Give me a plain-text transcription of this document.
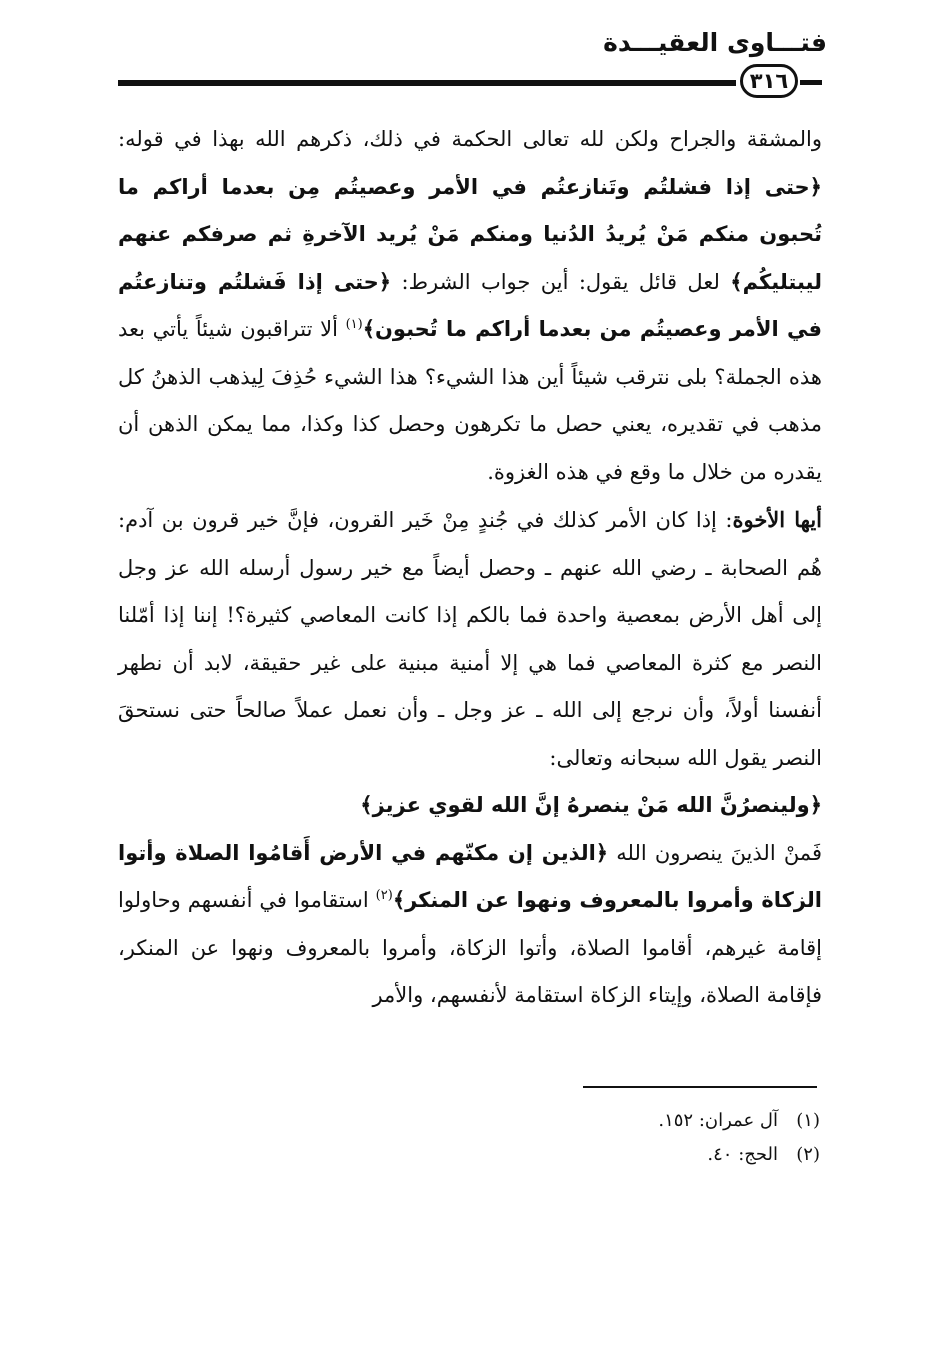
فتـــاوى العقيـــدة
٣١٦

والمشقة والجراح ولكن لله تعالى الحكمة في ذلك، ذكرهم الله بهذا في قوله: ﴿حتى إذا فشلتُم وتَنازعتُم في الأمر وعصيتُم مِن بعدما أراكم ما تُحبون منكم مَنْ يُريدُ الدُنيا ومنكم مَنْ يُريد الآخرةِ ثم صرفكم عنهم ليبتليكُم﴾ لعل قائل يقول: أين جواب الشرط: ﴿حتى إذا فَشلتُم وتنازعتُم في الأمر وعصيتُم من بعدما أراكم ما تُحبون﴾$^{(١)}$ ألا تتراقبون شيئاً يأتي بعد هذه الجملة؟ بلى نترقب شيئاً أين هذا الشيء؟ هذا الشيء حُذِفَ لِيذهب الذهنُ كل مذهب في تقديره، يعني حصل ما تكرهون وحصل كذا وكذا، مما يمكن الذهن أن يقدره من خلال ما وقع في هذه الغزوة.

أيها الأخوة: إذا كان الأمر كذلك في جُندٍ مِنْ خَير القرون، فإنَّ خير قرون بن آدم: هُم الصحابة ـ رضي الله عنهم ـ وحصل أيضاً مع خير رسول أرسله الله عز وجل إلى أهل الأرض بمعصية واحدة فما بالكم إذا كانت المعاصي كثيرة؟! إننا إذا أمّلنا النصر مع كثرة المعاصي فما هي إلا أمنية مبنية على غير حقيقة، لابد أن نطهر أنفسنا أولاً، وأن نرجع إلى الله ـ عز وجل ـ وأن نعمل عملاً صالحاً حتى نستحقَ النصر يقول الله سبحانه وتعالى:
﴿ولينصرُنَّ الله مَنْ ينصرهُ إنَّ الله لقوي عزيز﴾

فَمنْ الذينَ ينصرون الله ﴿الذين إن مكنّهم في الأرض أَقامُوا الصلاة وأتوا الزكاة وأمروا بالمعروف ونهوا عن المنكر﴾$^{(٢)}$ استقاموا في أنفسهم وحاولوا إقامة غيرهم، أقاموا الصلاة، وأتوا الزكاة، وأمروا بالمعروف ونهوا عن المنكر، فإقامة الصلاة، وإيتاء الزكاة استقامة لأنفسهم، والأمر

(١)آل عمران: ١٥٢.
(٢)الحج: ٤٠.
